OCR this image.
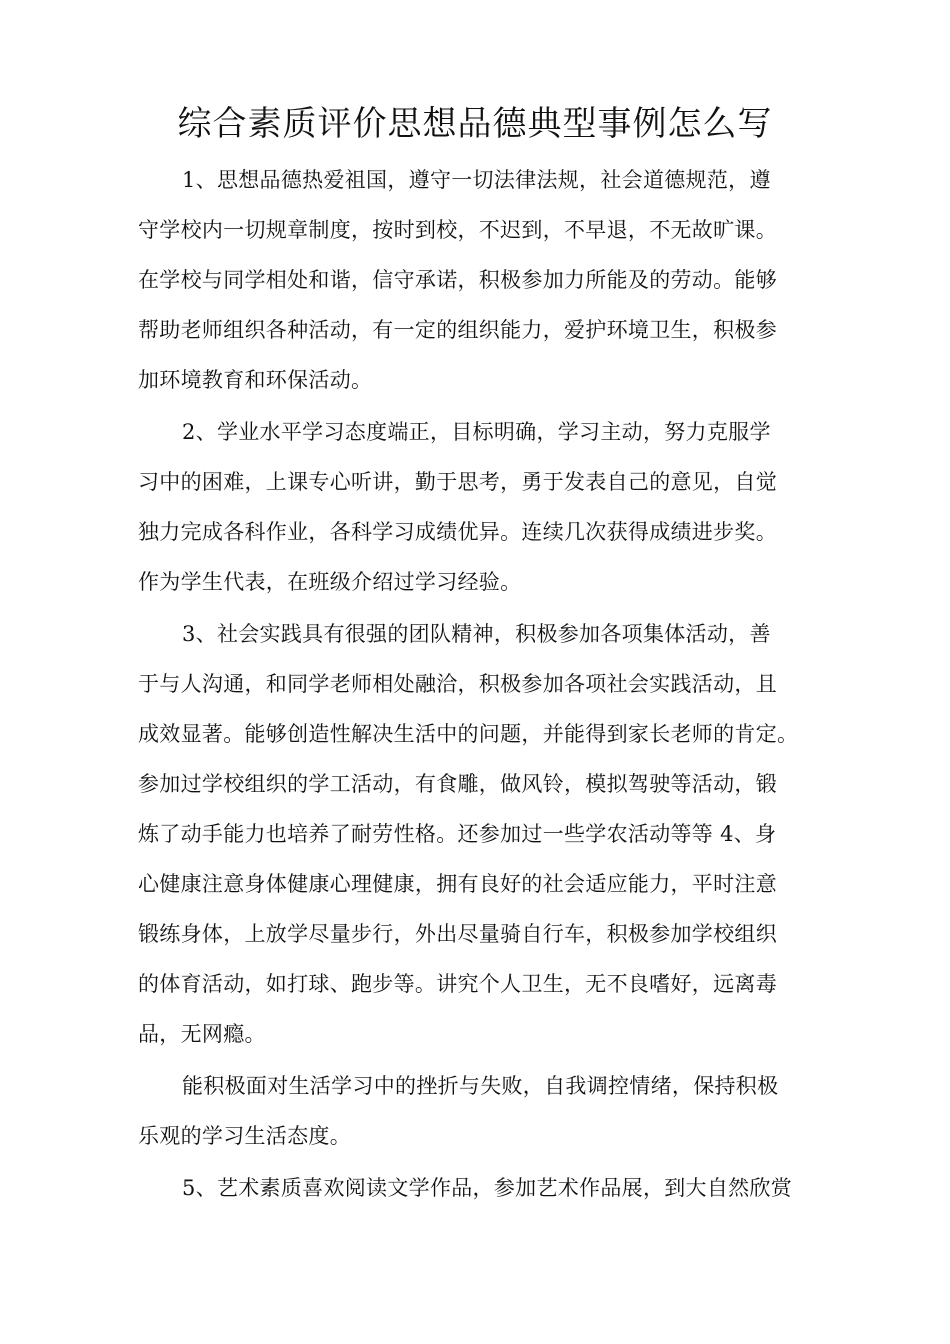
综合素质评价思想品德典型事例怎么写
1、思想品德热爱祖国，遵守一切法律法规，社会道德规范，遵
守学校内一切规章制度，按时到校，不迟到，不早退，不无故旷课。
在学校与同学相处和谐，信守承诺，积极参加力所能及的劳动。能够
帮助老师组织各种活动，有一定的组织能力，爱护环境卫生，积极参
加环境教育和环保活动。
2、学业水平学习态度端正，目标明确，学习主动，努力克服学
习中的困难，上课专心听讲，勤于思考，勇于发表自己的意见，自觉
独力完成各科作业，各科学习成绩优异。连续几次获得成绩进步奖。
作为学生代表，在班级介绍过学习经验。
3、社会实践具有很强的团队精神，积极参加各项集体活动，善
于与人沟通，和同学老师相处融洽，积极参加各项社会实践活动，且
成效显著。能够创造性解决生活中的问题，并能得到家长老师的肯定。
参加过学校组织的学工活动，有食雕，做风铃，模拟驾驶等活动，锻
炼了动手能力也培养了耐劳性格。还参加过一些学农活动等等 4、身
心健康注意身体健康心理健康，拥有良好的社会适应能力，平时注意
锻练身体，上放学尽量步行，外出尽量骑自行车，积极参加学校组织
的体育活动，如打球、跑步等。讲究个人卫生，无不良嗜好，远离毒
品，无网瘾。
能积极面对生活学习中的挫折与失败，自我调控情绪，保持积极
乐观的学习生活态度。
5、艺术素质喜欢阅读文学作品，参加艺术作品展，到大自然欣赏
